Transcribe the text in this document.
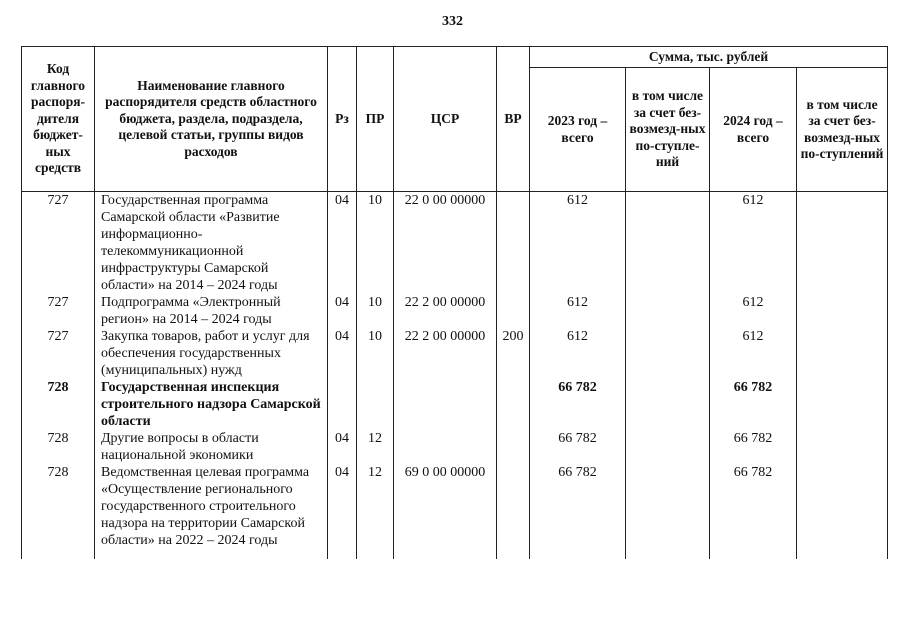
332
Код главного распоря-дителя бюджет-ных средств	Наименование главного распорядителя средств областного бюджета, раздела, подраздела, целевой статьи, группы видов расходов	Рз	ПР	ЦСР	ВР	Сумма, тыс. рублей			
						2023 год – всего	в том числе за счет без-возмезд-ных по-ступле-ний	2024 год – всего	в том числе за счет без-возмезд-ных по-ступлений
727	Государственная программа Самарской области «Развитие информационно-телекоммуникационной инфраструктуры Самарской области» на 2014 – 2024 годы	04	10	22 0 00 00000		612		612	
727	Подпрограмма «Электронный регион» на 2014 – 2024 годы	04	10	22 2 00 00000		612		612	
727	Закупка товаров, работ и услуг для обеспечения государственных (муниципальных) нужд	04	10	22 2 00 00000	200	612		612	
728	Государственная инспекция строительного надзора Самарской области					66 782		66 782	
728	Другие вопросы в области национальной экономики	04	12			66 782		66 782	
728	Ведомственная целевая программа «Осуществление регионального государственного строительного надзора на территории Самарской области» на 2022 – 2024 годы	04	12	69 0 00 00000		66 782		66 782	
